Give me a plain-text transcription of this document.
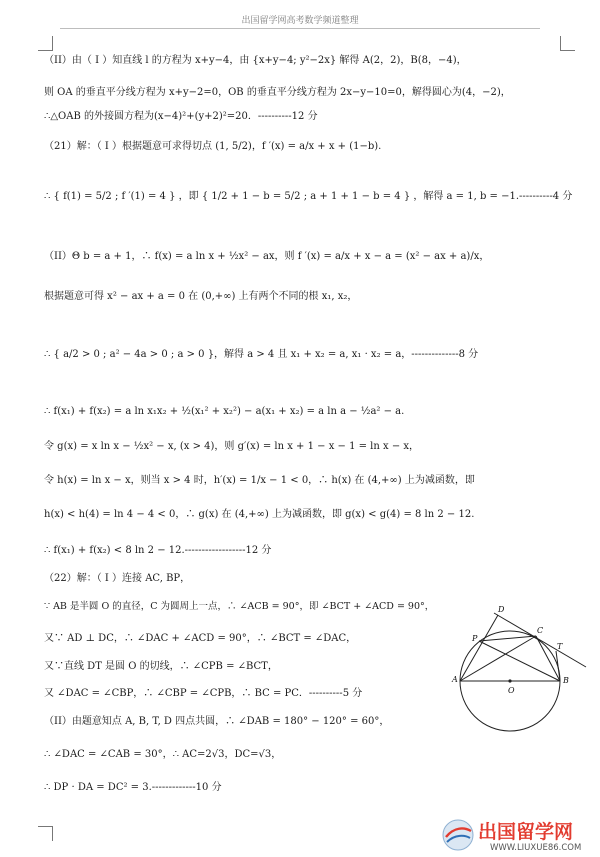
出国留学网高考数学频道整理
（II）由（ I ）知直线 l 的方程为 x+y−4，由 {x+y−4; y²−2x} 解得 A(2，2)，B(8，−4)，
则 OA 的垂直平分线方程为 x+y−2=0，OB 的垂直平分线方程为 2x−y−10=0，解得圆心为(4，−2)，
∴△OAB 的外接圆方程为(x−4)²+(y+2)²=20．----------12 分
（21）解：（ I ）根据题意可求得切点 (1, 5/2)，f ′(x) = a/x + x + (1−b).
∴ { f(1) = 5/2 ; f ′(1) = 4 } ，即 { 1/2 + 1 − b = 5/2 ; a + 1 + 1 − b = 4 } ，解得 a = 1, b = −1.----------4 分
（II）Θ b = a + 1，∴ f(x) = a ln x + ½x² − ax，则 f ′(x) = a/x + x − a = (x² − ax + a)/x，
根据题意可得 x² − ax + a = 0 在 (0,+∞) 上有两个不同的根 x₁, x₂，
∴ { a/2 > 0 ; a² − 4a > 0 ; a > 0 }，解得 a > 4 且 x₁ + x₂ = a, x₁ · x₂ = a，--------------8 分
∴ f(x₁) + f(x₂) = a ln x₁x₂ + ½(x₁² + x₂²) − a(x₁ + x₂) = a ln a − ½a² − a.
令 g(x) = x ln x − ½x² − x, (x > 4)，则 g′(x) = ln x + 1 − x − 1 = ln x − x，
令 h(x) = ln x − x，则当 x > 4 时，h′(x) = 1/x − 1 < 0，∴ h(x) 在 (4,+∞) 上为减函数，即
h(x) < h(4) = ln 4 − 4 < 0，∴ g(x) 在 (4,+∞) 上为减函数，即 g(x) < g(4) = 8 ln 2 − 12.
∴ f(x₁) + f(x₂) < 8 ln 2 − 12.------------------12 分
（22）解：（ I ）连接 AC, BP，
∵ AB 是半圆 O 的直径，C 为圆周上一点，∴ ∠ACB = 90°，即 ∠BCT + ∠ACD = 90°，
又∵ AD ⊥ DC，∴ ∠DAC + ∠ACD = 90°，∴ ∠BCT = ∠DAC，
又∵直线 DT 是圆 O 的切线，∴ ∠CPB = ∠BCT，
又 ∠DAC = ∠CBP，∴ ∠CBP = ∠CPB，∴ BC = PC．----------5 分
（II）由题意知点 A, B, T, D 四点共圆，∴ ∠DAB = 180° − 120° = 60°，
∴ ∠DAC = ∠CAB = 30°，∴ AC=2√3，DC=√3，
∴ DP · DA = DC² = 3.-------------10 分
D
C
T
P
A
O
B
出国留学网
WWW.LIUXUE86.COM
